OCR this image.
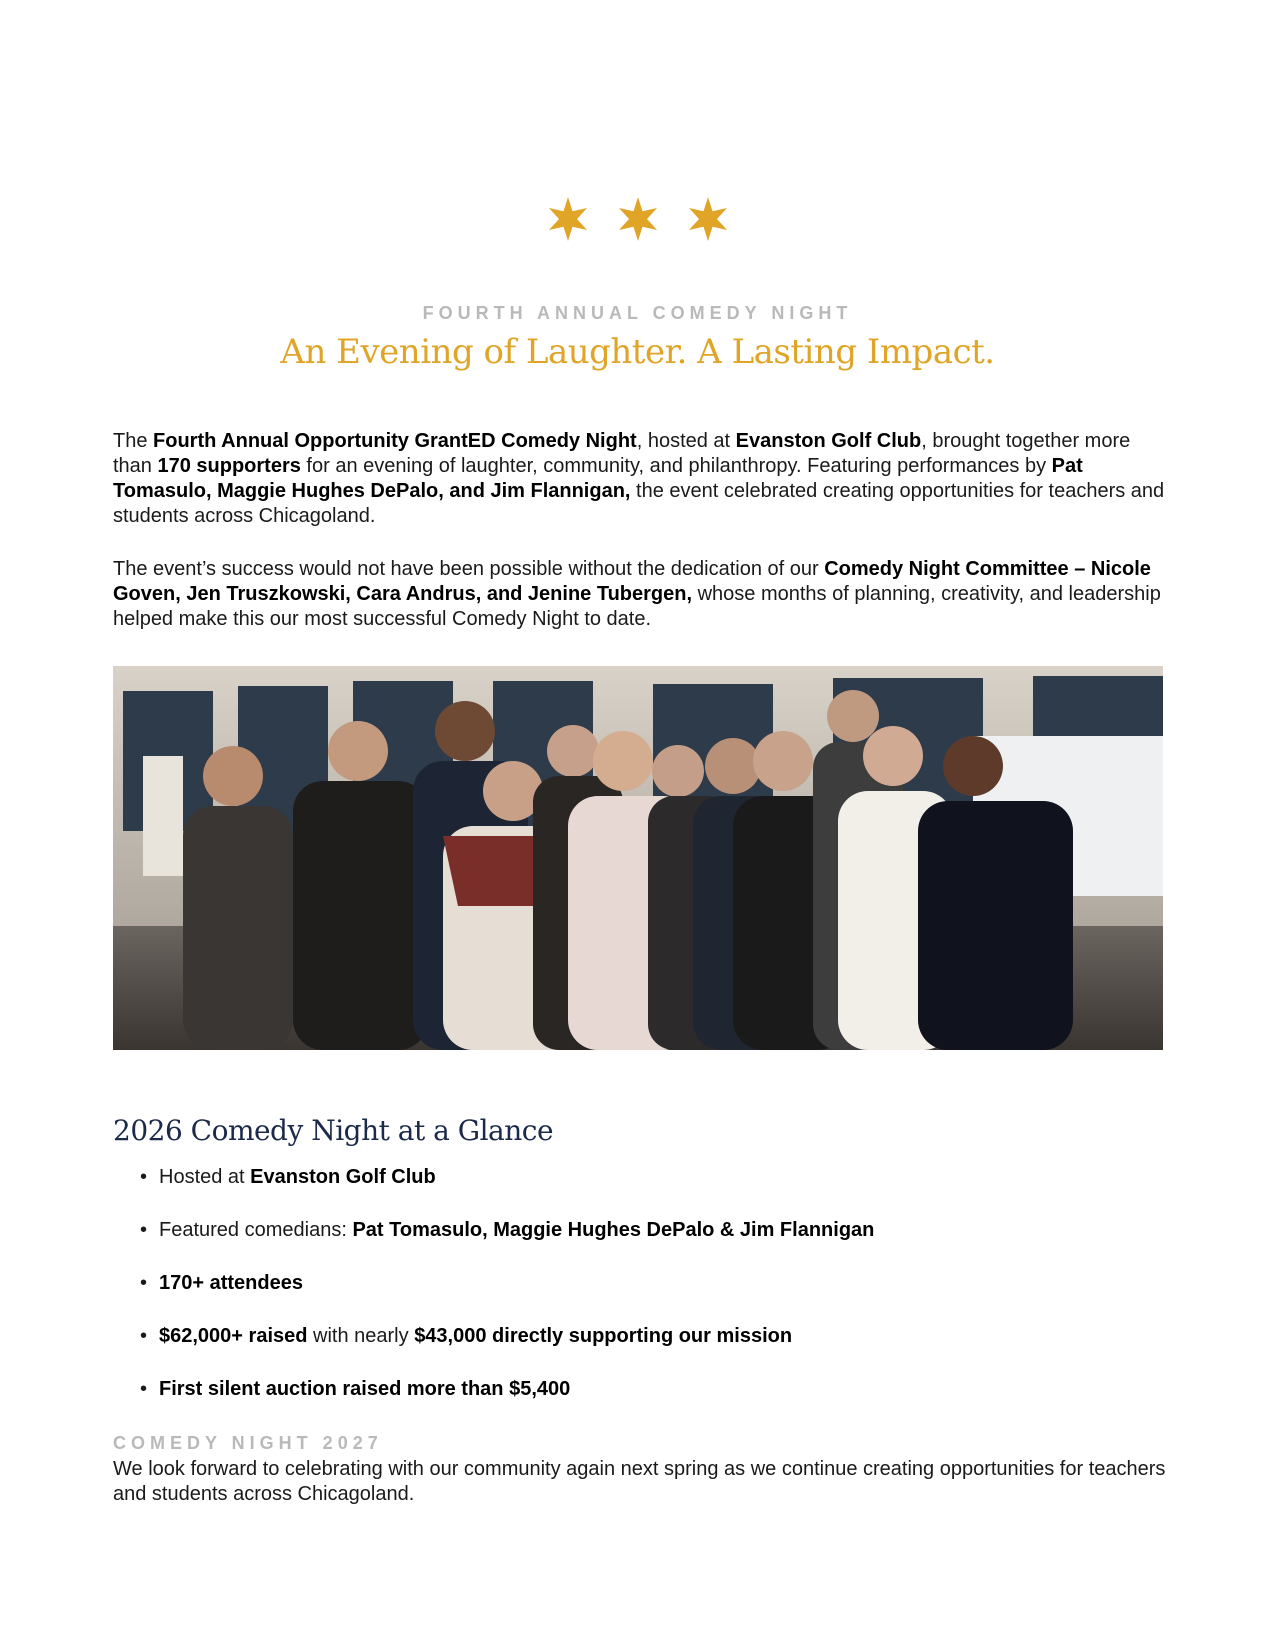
FOURTH ANNUAL COMEDY NIGHT
An Evening of Laughter. A Lasting Impact.

The Fourth Annual Opportunity GrantED Comedy Night, hosted at Evanston Golf Club, brought together more than 170 supporters for an evening of laughter, community, and philanthropy. Featuring performances by Pat Tomasulo, Maggie Hughes DePalo, and Jim Flannigan, the event celebrated creating opportunities for teachers and students across Chicagoland.

The event’s success would not have been possible without the dedication of our Comedy Night Committee – Nicole Goven, Jen Truszkowski, Cara Andrus, and Jenine Tubergen, whose months of planning, creativity, and leadership helped make this our most successful Comedy Night to date.

2026 Comedy Night at a Glance
• Hosted at Evanston Golf Club
• Featured comedians: Pat Tomasulo, Maggie Hughes DePalo & Jim Flannigan
• 170+ attendees
• $62,000+ raised with nearly $43,000 directly supporting our mission
• First silent auction raised more than $5,400
COMEDY NIGHT 2027

We look forward to celebrating with our community again next spring as we continue creating opportunities for teachers and students across Chicagoland.
